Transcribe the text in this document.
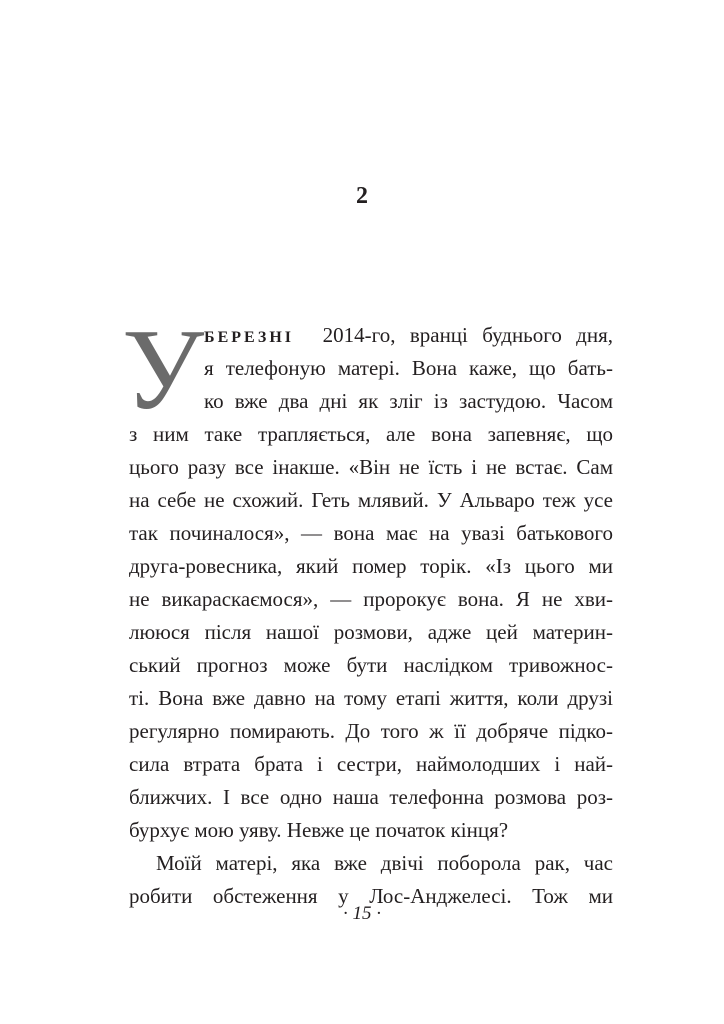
2
У БЕРЕЗНІ 2014-го, вранці буднього дня,
я телефоную матері. Вона каже, що бать-
ко вже два дні як зліг із застудою. Часом
з ним таке трапляється, але вона запевняє, що
цього разу все інакше. «Він не їсть і не встає. Сам
на себе не схожий. Геть млявий. У Альваро теж усе
так починалося», — вона має на увазі батькового
друга-ровесника, який помер торік. «Із цього ми
не викараскаємося», — пророкує вона. Я не хви-
лююся після нашої розмови, адже цей материн-
ський прогноз може бути наслідком тривожнос-
ті. Вона вже давно на тому етапі життя, коли друзі
регулярно помирають. До того ж її добряче підко-
сила втрата брата і сестри, наймолодших і най-
ближчих. І все одно наша телефонна розмова роз-
бурхує мою уяву. Невже це початок кінця?
Моїй матері, яка вже двічі поборола рак, час
робити обстеження у Лос-Анджелесі. Тож ми
· 15 ·
